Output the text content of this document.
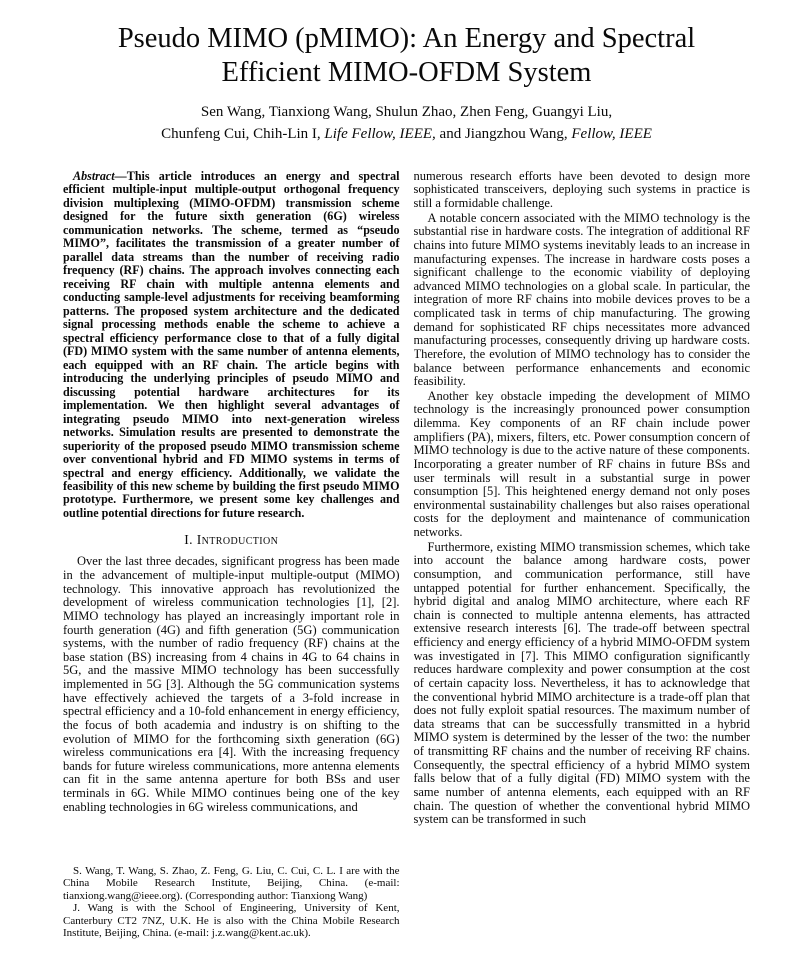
Pseudo MIMO (pMIMO): An Energy and Spectral
Efficient MIMO-OFDM System
Sen Wang, Tianxiong Wang, Shulun Zhao, Zhen Feng, Guangyi Liu,
Chunfeng Cui, Chih-Lin I, Life Fellow, IEEE, and Jiangzhou Wang, Fellow, IEEE

Abstract—This article introduces an energy and spectral efficient multiple-input multiple-output orthogonal frequency division multiplexing (MIMO-OFDM) transmission scheme designed for the future sixth generation (6G) wireless communication networks. The scheme, termed as “pseudo MIMO”, facilitates the transmission of a greater number of parallel data streams than the number of receiving radio frequency (RF) chains. The approach involves connecting each receiving RF chain with multiple antenna elements and conducting sample-level adjustments for receiving beamforming patterns. The proposed system architecture and the dedicated signal processing methods enable the scheme to achieve a spectral efficiency performance close to that of a fully digital (FD) MIMO system with the same number of antenna elements, each equipped with an RF chain. The article begins with introducing the underlying principles of pseudo MIMO and discussing potential hardware architectures for its implementation. We then highlight several advantages of integrating pseudo MIMO into next-generation wireless networks. Simulation results are presented to demonstrate the superiority of the proposed pseudo MIMO transmission scheme over conventional hybrid and FD MIMO systems in terms of spectral and energy efficiency. Additionally, we validate the feasibility of this new scheme by building the first pseudo MIMO prototype. Furthermore, we present some key challenges and outline potential directions for future research.

I. Introduction

Over the last three decades, significant progress has been made in the advancement of multiple-input multiple-output (MIMO) technology. This innovative approach has revolutionized the development of wireless communication technologies [1], [2]. MIMO technology has played an increasingly important role in fourth generation (4G) and fifth generation (5G) communication systems, with the number of radio frequency (RF) chains at the base station (BS) increasing from 4 chains in 4G to 64 chains in 5G, and the massive MIMO technology has been successfully implemented in 5G [3]. Although the 5G communication systems have effectively achieved the targets of a 3-fold increase in spectral efficiency and a 10-fold enhancement in energy efficiency, the focus of both academia and industry is on shifting to the evolution of MIMO for the forthcoming sixth generation (6G) wireless communications era [4]. With the increasing frequency bands for future wireless communications, more antenna elements can fit in the same antenna aperture for both BSs and user terminals in 6G. While MIMO continues being one of the key enabling technologies in 6G wireless communications, and

S. Wang, T. Wang, S. Zhao, Z. Feng, G. Liu, C. Cui, C. L. I are with the China Mobile Research Institute, Beijing, China. (e-mail: tianxiong.wang@ieee.org). (Corresponding author: Tianxiong Wang)

J. Wang is with the School of Engineering, University of Kent, Canterbury CT2 7NZ, U.K. He is also with the China Mobile Research Institute, Beijing, China. (e-mail: j.z.wang@kent.ac.uk).

numerous research efforts have been devoted to design more sophisticated transceivers, deploying such systems in practice is still a formidable challenge.

A notable concern associated with the MIMO technology is the substantial rise in hardware costs. The integration of additional RF chains into future MIMO systems inevitably leads to an increase in manufacturing expenses. The increase in hardware costs poses a significant challenge to the economic viability of deploying advanced MIMO technologies on a global scale. In particular, the integration of more RF chains into mobile devices proves to be a complicated task in terms of chip manufacturing. The growing demand for sophisticated RF chips necessitates more advanced manufacturing processes, consequently driving up hardware costs. Therefore, the evolution of MIMO technology has to consider the balance between performance enhancements and economic feasibility.

Another key obstacle impeding the development of MIMO technology is the increasingly pronounced power consumption dilemma. Key components of an RF chain include power amplifiers (PA), mixers, filters, etc. Power consumption concern of MIMO technology is due to the active nature of these components. Incorporating a greater number of RF chains in future BSs and user terminals will result in a substantial surge in power consumption [5]. This heightened energy demand not only poses environmental sustainability challenges but also raises operational costs for the deployment and maintenance of communication networks.

Furthermore, existing MIMO transmission schemes, which take into account the balance among hardware costs, power consumption, and communication performance, still have untapped potential for further enhancement. Specifically, the hybrid digital and analog MIMO architecture, where each RF chain is connected to multiple antenna elements, has attracted extensive research interests [6]. The trade-off between spectral efficiency and energy efficiency of a hybrid MIMO-OFDM system was investigated in [7]. This MIMO configuration significantly reduces hardware complexity and power consumption at the cost of certain capacity loss. Nevertheless, it has to acknowledge that the conventional hybrid MIMO architecture is a trade-off plan that does not fully exploit spatial resources. The maximum number of data streams that can be successfully transmitted in a hybrid MIMO system is determined by the lesser of the two: the number of transmitting RF chains and the number of receiving RF chains. Consequently, the spectral efficiency of a hybrid MIMO system falls below that of a fully digital (FD) MIMO system with the same number of antenna elements, each equipped with an RF chain. The question of whether the conventional hybrid MIMO system can be transformed in such
